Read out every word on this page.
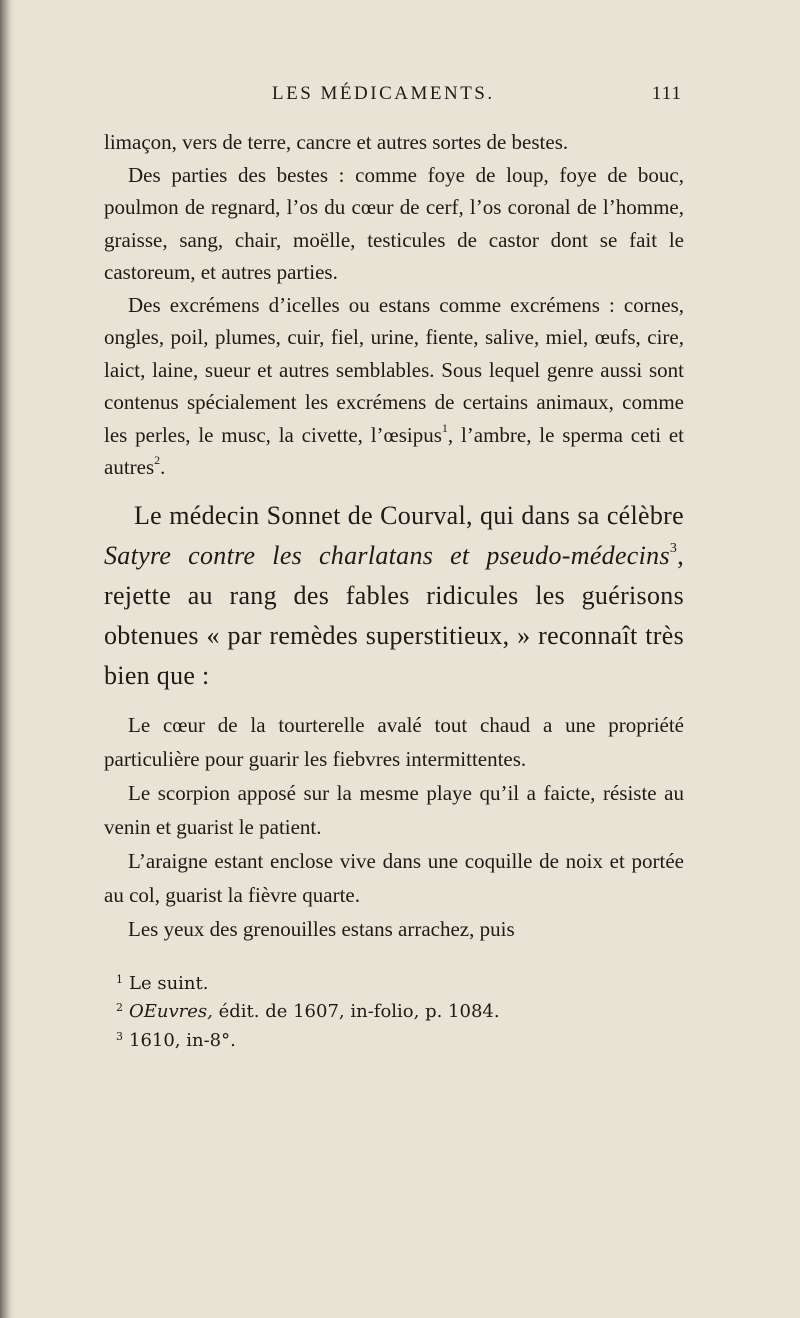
LES MÉDICAMENTS.	111

limaçon, vers de terre, cancre et autres sortes de bestes.

Des parties des bestes : comme foye de loup, foye de bouc, poulmon de regnard, l’os du cœur de cerf, l’os coronal de l’homme, graisse, sang, chair, moëlle, testicules de castor dont se fait le castoreum, et autres parties.

Des excrémens d’icelles ou estans comme excrémens : cornes, ongles, poil, plumes, cuir, fiel, urine, fiente, salive, miel, œufs, cire, laict, laine, sueur et autres semblables. Sous lequel genre aussi sont contenus spécialement les excrémens de certains animaux, comme les perles, le musc, la civette, l’œsipus$^1$, l’ambre, le sperma ceti et autres$^2$.

Le médecin Sonnet de Courval, qui dans sa célèbre Satyre contre les charlatans et pseudo-médecins$^3$, rejette au rang des fables ridicules les guérisons obtenues « par remèdes superstitieux, » reconnaît très bien que :

Le cœur de la tourterelle avalé tout chaud a une propriété particulière pour guarir les fiebvres intermittentes.

Le scorpion apposé sur la mesme playe qu’il a faicte, résiste au venin et guarist le patient.

L’araigne estant enclose vive dans une coquille de noix et portée au col, guarist la fièvre quarte.

Les yeux des grenouilles estans arrachez, puis

$^1$ Le suint.
$^2$ OEuvres, édit. de 1607, in-folio, p. 1084.
$^3$ 1610, in-8°.
